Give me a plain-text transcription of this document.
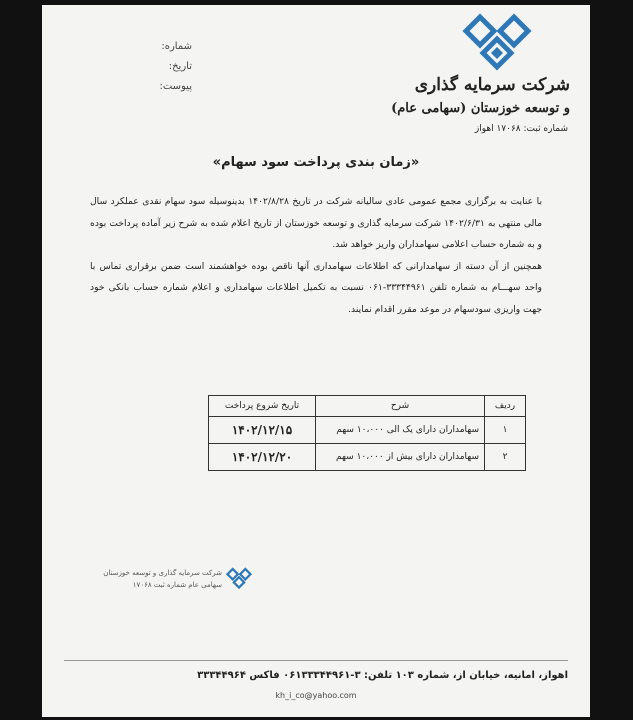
شرکت سرمایه گذاری
و توسعه خوزستان (سهامی عام)
شماره ثبت: ۱۷۰۶۸ اهواز
شماره:
تاریخ:
پیوست:
«زمان بندی پرداخت سود سهام»

با عنایت به برگزاری مجمع عمومی عادی سالیانه شرکت در تاریخ ۱۴۰۲/۸/۲۸ بدینوسیله سود سهام نقدی عملکرد سال مالی منتهی به ۱۴۰۲/۶/۳۱ شرکت سرمایه گذاری و توسعه خوزستان از تاریخ اعلام شده به شرح زیر آماده پرداخت بوده و به شماره حساب اعلامی سهامداران واریز خواهد شد.

همچنین از آن دسته از سهامدارانی که اطلاعات سهامداری آنها ناقص بوده خواهشمند است ضمن برقراری تماس با واحد سهـــام به شماره تلفن ۳۳۳۴۴۹۶۱-۰۶۱ نسبت به تکمیل اطلاعات سهامداری و اعلام شماره حساب بانکی خود جهت واریزی سودسهام در موعد مقرر اقدام نمایند.

ردیف	شرح	تاریخ شروع پرداخت
۱	سهامداران دارای یک الی ۱۰،۰۰۰ سهم	۱۴۰۲/۱۲/۱۵
۲	سهامداران دارای بیش از ۱۰،۰۰۰ سهم	۱۴۰۲/۱۲/۲۰
شرکت سرمایه گذاری و توسعه خوزستان
سهامی عام شماره ثبت ۱۷۰۶۸
اهواز، امانیه، خیابان از، شماره ۱۰۳ تلفن: ۳-۰۶۱۳۳۳۴۴۹۶۱ فاکس ۳۳۳۴۴۹۶۴
kh_i_co@yahoo.com
